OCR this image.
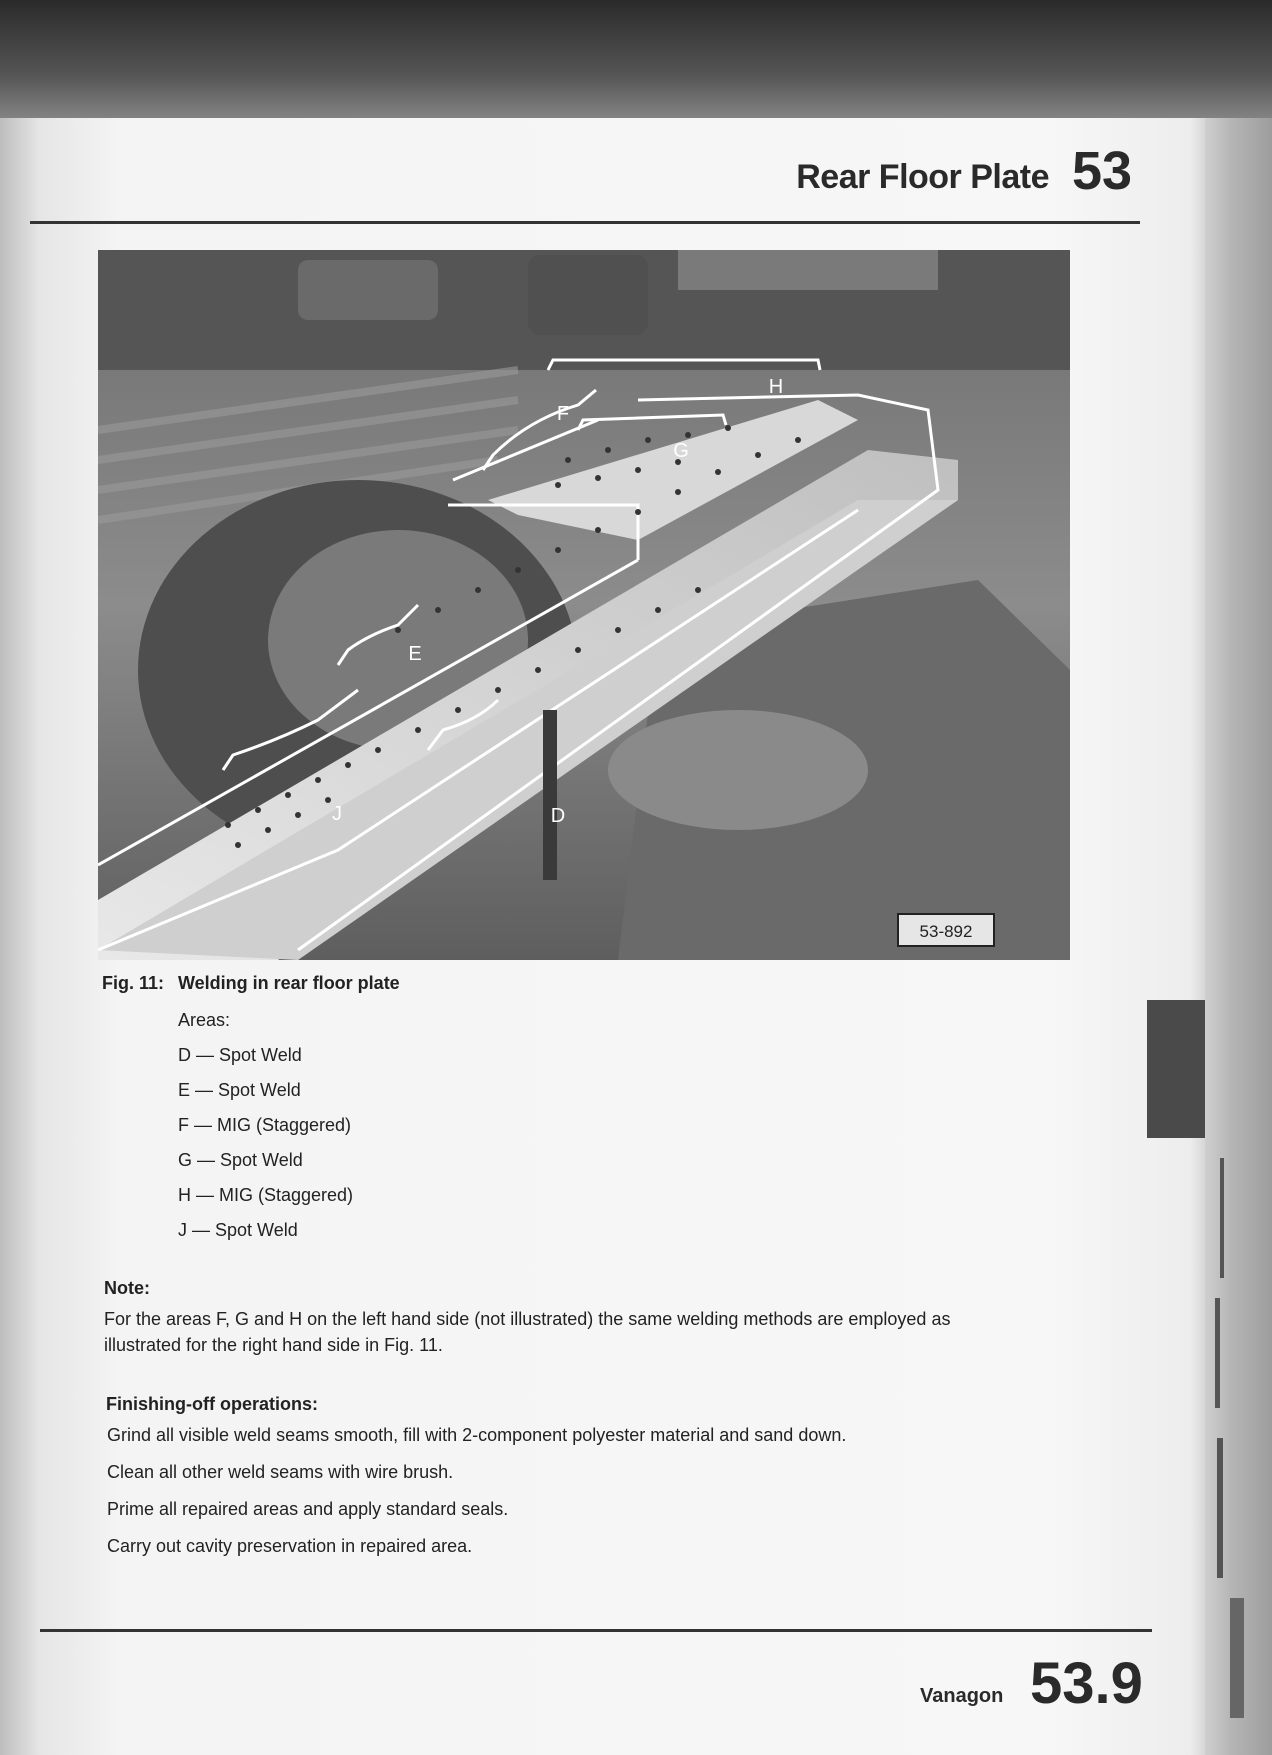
Rear Floor Plate 53
F
H
G
E
J	D
53-892
Fig. 11: Welding in rear floor plate
Areas:
D — Spot Weld
E — Spot Weld
F — MIG (Staggered)
G — Spot Weld
H — MIG (Staggered)
J — Spot Weld
Note:
For the areas F, G and H on the left hand side (not illustrated) the same welding methods are employed as illustrated for the right hand side in Fig. 11.
Finishing-off operations:
Grind all visible weld seams smooth, fill with 2-component polyester material and sand down.
Clean all other weld seams with wire brush.
Prime all repaired areas and apply standard seals.
Carry out cavity preservation in repaired area.
Vanagon 53.9
